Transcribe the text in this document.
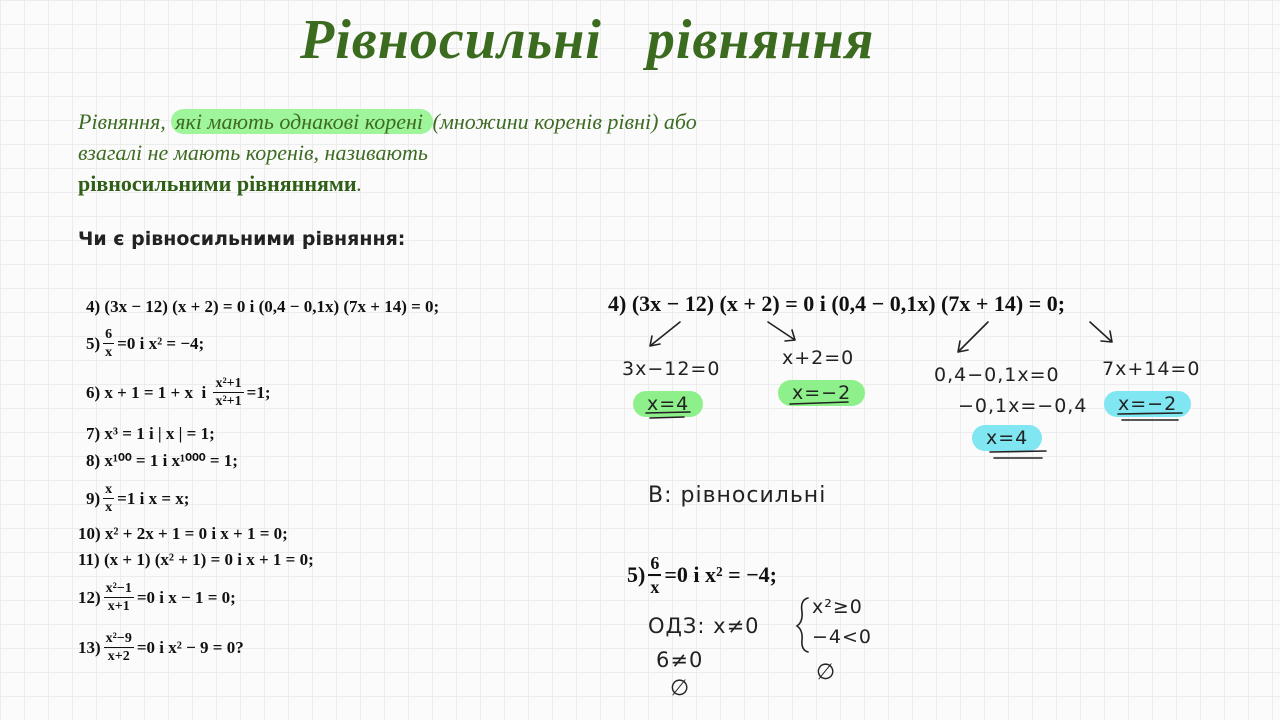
Рівносильні   рівняння
Рівняння, які мають однакові корені (множини коренів рівні) або взагалі не мають коренів, називають
рівносильними рівняннями.
Чи є рівносильними рівняння:
4) (3x − 12) (x + 2) = 0 і (0,4 − 0,1x) (7x + 14) = 0;
$5) \frac{6}{x} =0$ і x² = −4;
6) x + 1 = 1 + x  і $\frac{\text{x²+1}}{\text{x²+1}} =1$;
7) x³ = 1 і | x | = 1;
8) x¹⁰⁰ = 1 і x¹⁰⁰⁰ = 1;
$9) \frac{x}{x} =1$ і x = x;
10) x² + 2x + 1 = 0 і x + 1 = 0;
11) (x + 1) (x² + 1) = 0 і x + 1 = 0;
$12) \frac{\text{x²−1}}{x+1} =0$ і x − 1 = 0;
$13) \frac{\text{x²−9}}{x+2} =0$ і x² − 9 = 0?
4) (3x − 12) (x + 2) = 0 і (0,4 − 0,1x) (7x + 14) = 0;
3x−12=0
x=4
x+2=0
x=−2
0,4−0,1x=0
−0,1x=−0,4
x=4
7x+14=0
x=−2
В: рівносильні
$5) \frac{6}{x} =0$ і x² = −4;
ОДЗ: x≠0
6≠0
∅
x²≥0
−4<0
∅
